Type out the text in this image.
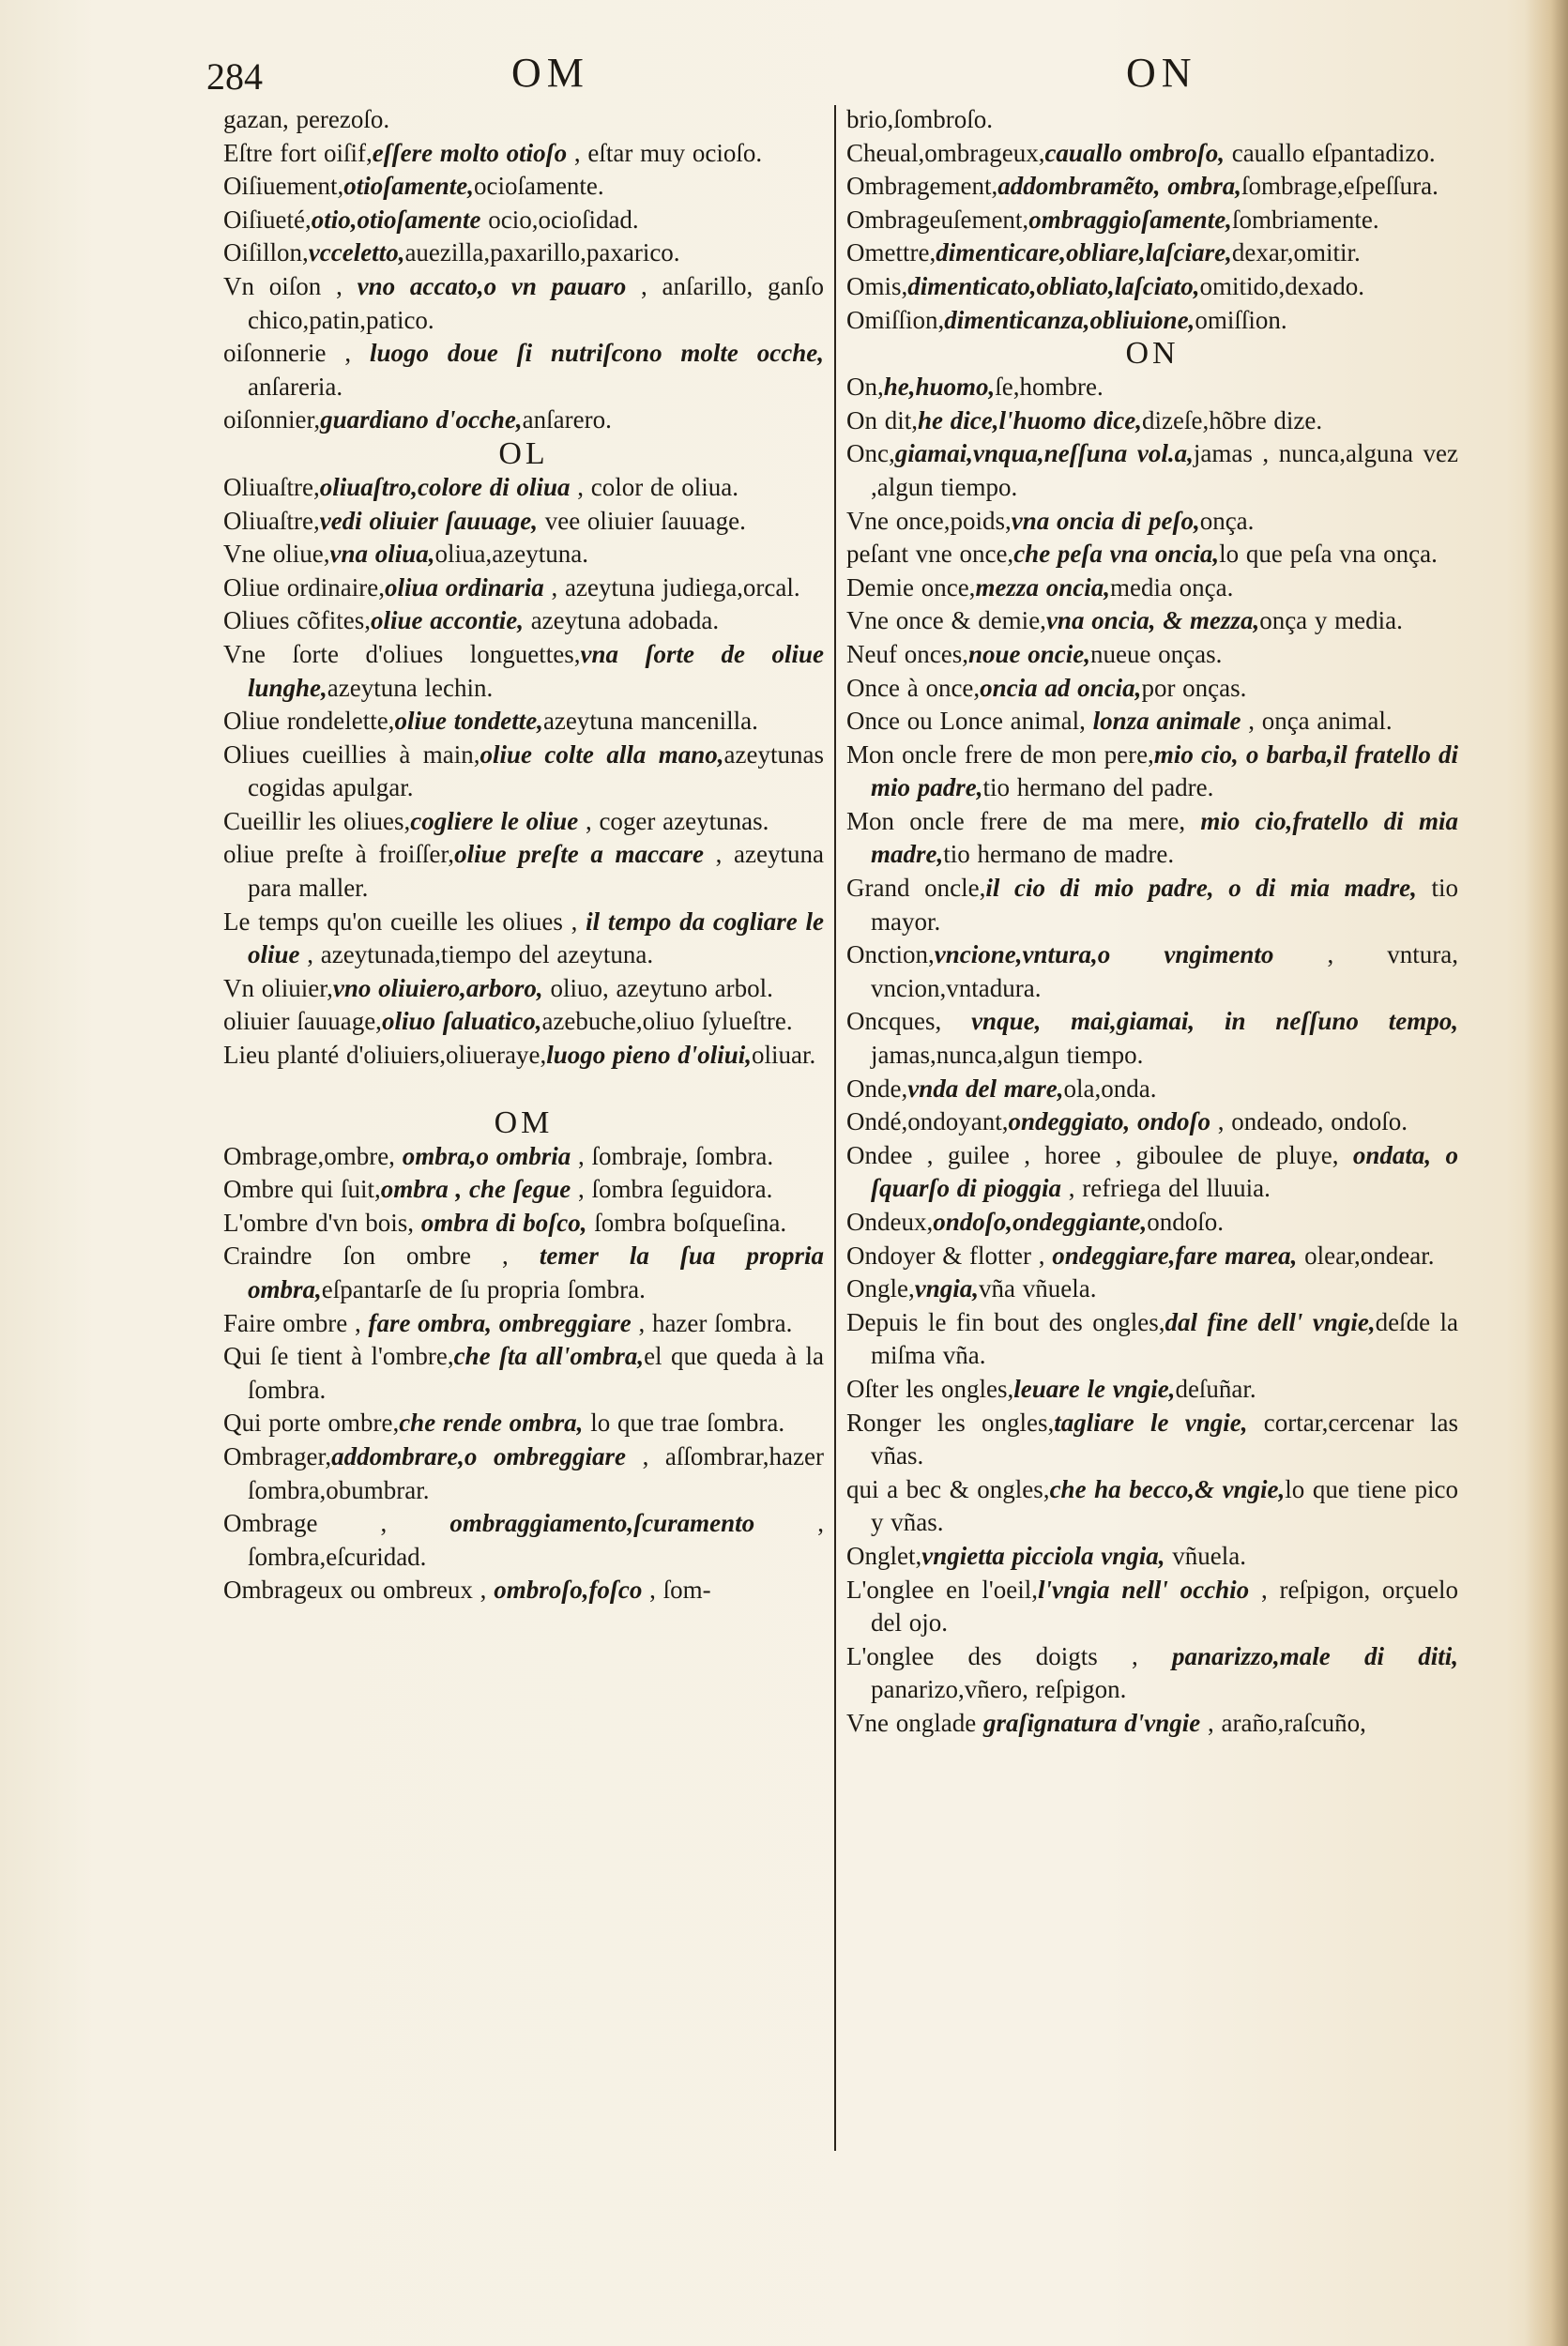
284	OM	ON
gazan, perezoſo.
Eſtre fort oiſif,eſſere molto otioſo , eſtar muy ocioſo.
Oiſiuement,otioſamente,ocioſamente.
Oiſiueté,otio,otioſamente ocio,ocioſidad.
Oiſillon,vcceletto,auezilla,paxarillo,paxarico.
Vn oiſon , vno accato,o vn pauaro , anſarillo, ganſo chico,patin,patico.
oiſonnerie , luogo doue ſi nutriſcono molte ocche, anſareria.
oiſonnier,guardiano d'ocche,anſarero.
OL
Oliuaſtre,oliuaſtro,colore di oliua , color de oliua.
Oliuaſtre,vedi oliuier ſauuage, vee oliuier ſauuage.
Vne oliue,vna oliua,oliua,azeytuna.
Oliue ordinaire,oliua ordinaria , azeytuna judiega,orcal.
Oliues cõfites,oliue accontie, azeytuna adobada.
Vne ſorte d'oliues longuettes,vna ſorte de oliue lunghe,azeytuna lechin.
Oliue rondelette,oliue tondette,azeytuna mancenilla.
Oliues cueillies à main,oliue colte alla mano,azeytunas cogidas apulgar.
Cueillir les oliues,cogliere le oliue , coger azeytunas.
oliue preſte à froiſſer,oliue preſte a maccare , azeytuna para maller.
Le temps qu'on cueille les oliues , il tempo da cogliare le oliue , azeytunada,tiempo del azeytuna.
Vn oliuier,vno oliuiero,arboro, oliuo, azeytuno arbol.
oliuier ſauuage,oliuo ſaluatico,azebuche,oliuo ſylueſtre.
Lieu planté d'oliuiers,oliueraye,luogo pieno d'oliui,oliuar.
OM
Ombrage,ombre, ombra,o ombria , ſombraje, ſombra.
Ombre qui ſuit,ombra , che ſegue , ſombra ſeguidora.
L'ombre d'vn bois, ombra di boſco, ſombra boſqueſina.
Craindre ſon ombre , temer la ſua propria ombra,eſpantarſe de ſu propria ſombra.
Faire ombre , fare ombra, ombreggiare , hazer ſombra.
Qui ſe tient à l'ombre,che ſta all'ombra,el que queda à la ſombra.
Qui porte ombre,che rende ombra, lo que trae ſombra.
Ombrager,addombrare,o ombreggiare , aſſombrar,hazer ſombra,obumbrar.
Ombrage , ombraggiamento,ſcuramento , ſombra,eſcuridad.
Ombrageux ou ombreux , ombroſo,foſco , ſom-
brio,ſombroſo.
Cheual,ombrageux,cauallo ombroſo, cauallo eſpantadizo.
Ombragement,addombramẽto, ombra,ſombrage,eſpeſſura.
Ombrageuſement,ombraggioſamente,ſombriamente.
Omettre,dimenticare,obliare,laſciare,dexar,omitir.
Omis,dimenticato,obliato,laſciato,omitido,dexado.
Omiſſion,dimenticanza,obliuione,omiſſion.
ON
On,he,huomo,ſe,hombre.
On dit,he dice,l'huomo dice,dizeſe,hõbre dize.
Onc,giamai,vnqua,neſſuna vol.a,jamas , nunca,alguna vez ,algun tiempo.
Vne once,poids,vna oncia di peſo,onça.
peſant vne once,che peſa vna oncia,lo que peſa vna onça.
Demie once,mezza oncia,media onça.
Vne once & demie,vna oncia, & mezza,onça y media.
Neuf onces,noue oncie,nueue onças.
Once à once,oncia ad oncia,por onças.
Once ou Lonce animal, lonza animale , onça animal.
Mon oncle frere de mon pere,mio cio, o barba,il fratello di mio padre,tio hermano del padre.
Mon oncle frere de ma mere, mio cio,fratello di mia madre,tio hermano de madre.
Grand oncle,il cio di mio padre, o di mia madre, tio mayor.
Onction,vncione,vntura,o vngimento , vntura, vncion,vntadura.
Oncques, vnque, mai,giamai, in neſſuno tempo, jamas,nunca,algun tiempo.
Onde,vnda del mare,ola,onda.
Ondé,ondoyant,ondeggiato, ondoſo , ondeado, ondoſo.
Ondee , guilee , horee , giboulee de pluye, ondata, o ſquarſo di pioggia , refriega del lluuia.
Ondeux,ondoſo,ondeggiante,ondoſo.
Ondoyer & flotter , ondeggiare,fare marea, olear,ondear.
Ongle,vngia,vña vñuela.
Depuis le fin bout des ongles,dal fine dell' vngie,deſde la miſma vña.
Oſter les ongles,leuare le vngie,deſuñar.
Ronger les ongles,tagliare le vngie, cortar,cercenar las vñas.
qui a bec & ongles,che ha becco,& vngie,lo que tiene pico y vñas.
Onglet,vngietta picciola vngia, vñuela.
L'onglee en l'oeil,l'vngia nell' occhio , reſpigon, orçuelo del ojo.
L'onglee des doigts , panarizzo,male di diti, panarizo,vñero, reſpigon.
Vne onglade graſignatura d'vngie , araño,raſcuño,
